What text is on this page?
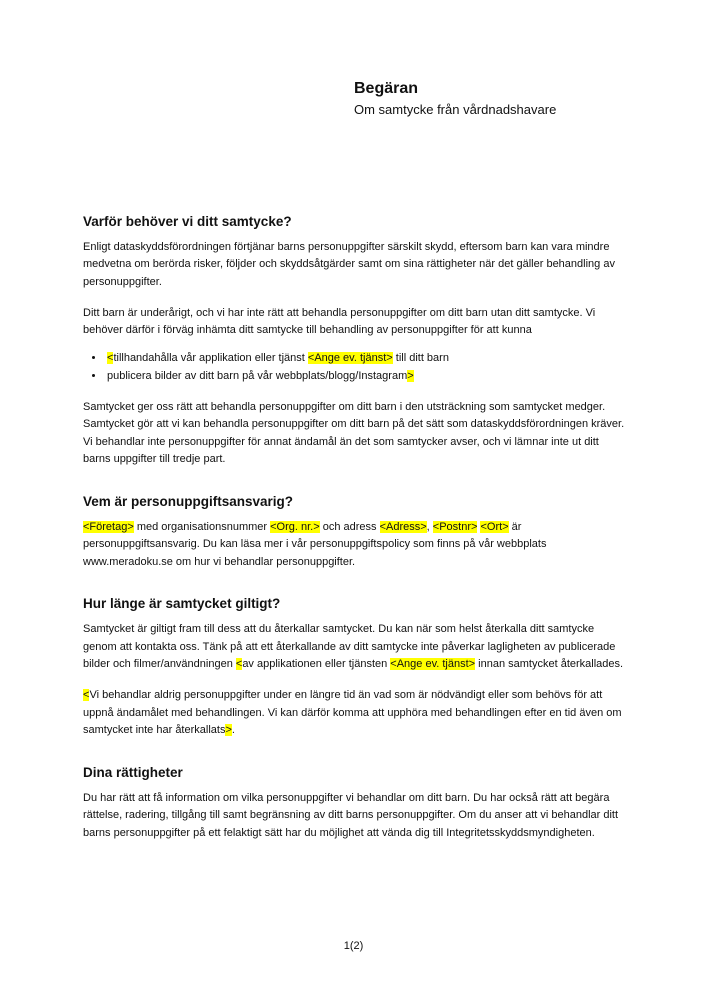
Begäran
Om samtycke från vårdnadshavare
Varför behöver vi ditt samtycke?

Enligt dataskyddsförordningen förtjänar barns personuppgifter särskilt skydd, eftersom barn kan vara mindre medvetna om berörda risker, följder och skyddsåtgärder samt om sina rättigheter när det gäller behandling av personuppgifter.

Ditt barn är underårigt, och vi har inte rätt att behandla personuppgifter om ditt barn utan ditt samtycke. Vi behöver därför i förväg inhämta ditt samtycke till behandling av personuppgifter för att kunna

• <tillhandahålla vår applikation eller tjänst <Ange ev. tjänst> till ditt barn
• publicera bilder av ditt barn på vår webbplats/blogg/Instagram>

Samtycket ger oss rätt att behandla personuppgifter om ditt barn i den utsträckning som samtycket medger. Samtycket gör att vi kan behandla personuppgifter om ditt barn på det sätt som dataskyddsförordningen kräver. Vi behandlar inte personuppgifter för annat ändamål än det som samtycker avser, och vi lämnar inte ut ditt barns uppgifter till tredje part.

Vem är personuppgiftsansvarig?

<Företag> med organisationsnummer <Org. nr.> och adress <Adress>, <Postnr> <Ort> är personuppgiftsansvarig. Du kan läsa mer i vår personuppgiftspolicy som finns på vår webbplats www.meradoku.se om hur vi behandlar personuppgifter.

Hur länge är samtycket giltigt?

Samtycket är giltigt fram till dess att du återkallar samtycket. Du kan när som helst återkalla ditt samtycke genom att kontakta oss. Tänk på att ett återkallande av ditt samtycke inte påverkar lagligheten av publicerade bilder och filmer/användningen <av applikationen eller tjänsten <Ange ev. tjänst> innan samtycket återkallades.

<Vi behandlar aldrig personuppgifter under en längre tid än vad som är nödvändigt eller som behövs för att uppnå ändamålet med behandlingen. Vi kan därför komma att upphöra med behandlingen efter en tid även om samtycket inte har återkallats>.

Dina rättigheter

Du har rätt att få information om vilka personuppgifter vi behandlar om ditt barn. Du har också rätt att begära rättelse, radering, tillgång till samt begränsning av ditt barns personuppgifter. Om du anser att vi behandlar ditt barns personuppgifter på ett felaktigt sätt har du möjlighet att vända dig till Integritetsskyddsmyndigheten.

1(2)
